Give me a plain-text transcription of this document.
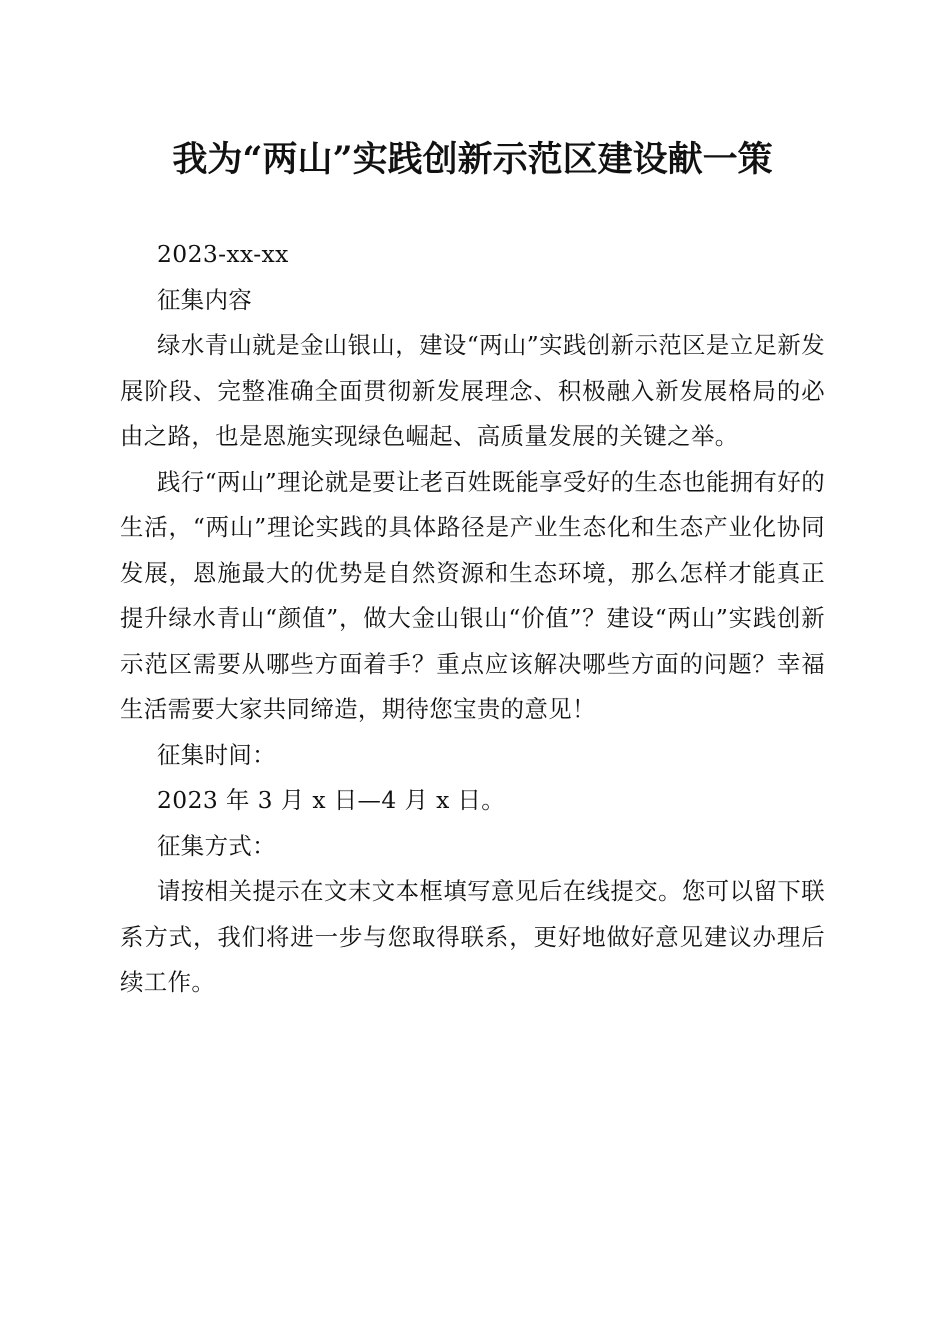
我为“两山”实践创新示范区建设献一策

2023-xx-xx

征集内容

绿水青山就是金山银山，建设“两山”实践创新示范区是立足新发展阶段、完整准确全面贯彻新发展理念、积极融入新发展格局的必由之路，也是恩施实现绿色崛起、高质量发展的关键之举。

践行“两山”理论就是要让老百姓既能享受好的生态也能拥有好的生活，“两山”理论实践的具体路径是产业生态化和生态产业化协同发展，恩施最大的优势是自然资源和生态环境，那么怎样才能真正提升绿水青山“颜值”，做大金山银山“价值”？建设“两山”实践创新示范区需要从哪些方面着手？重点应该解决哪些方面的问题？幸福生活需要大家共同缔造，期待您宝贵的意见！

征集时间：

2023 年 3 月 x 日—4 月 x 日。

征集方式：

请按相关提示在文末文本框填写意见后在线提交。您可以留下联系方式，我们将进一步与您取得联系，更好地做好意见建议办理后续工作。
